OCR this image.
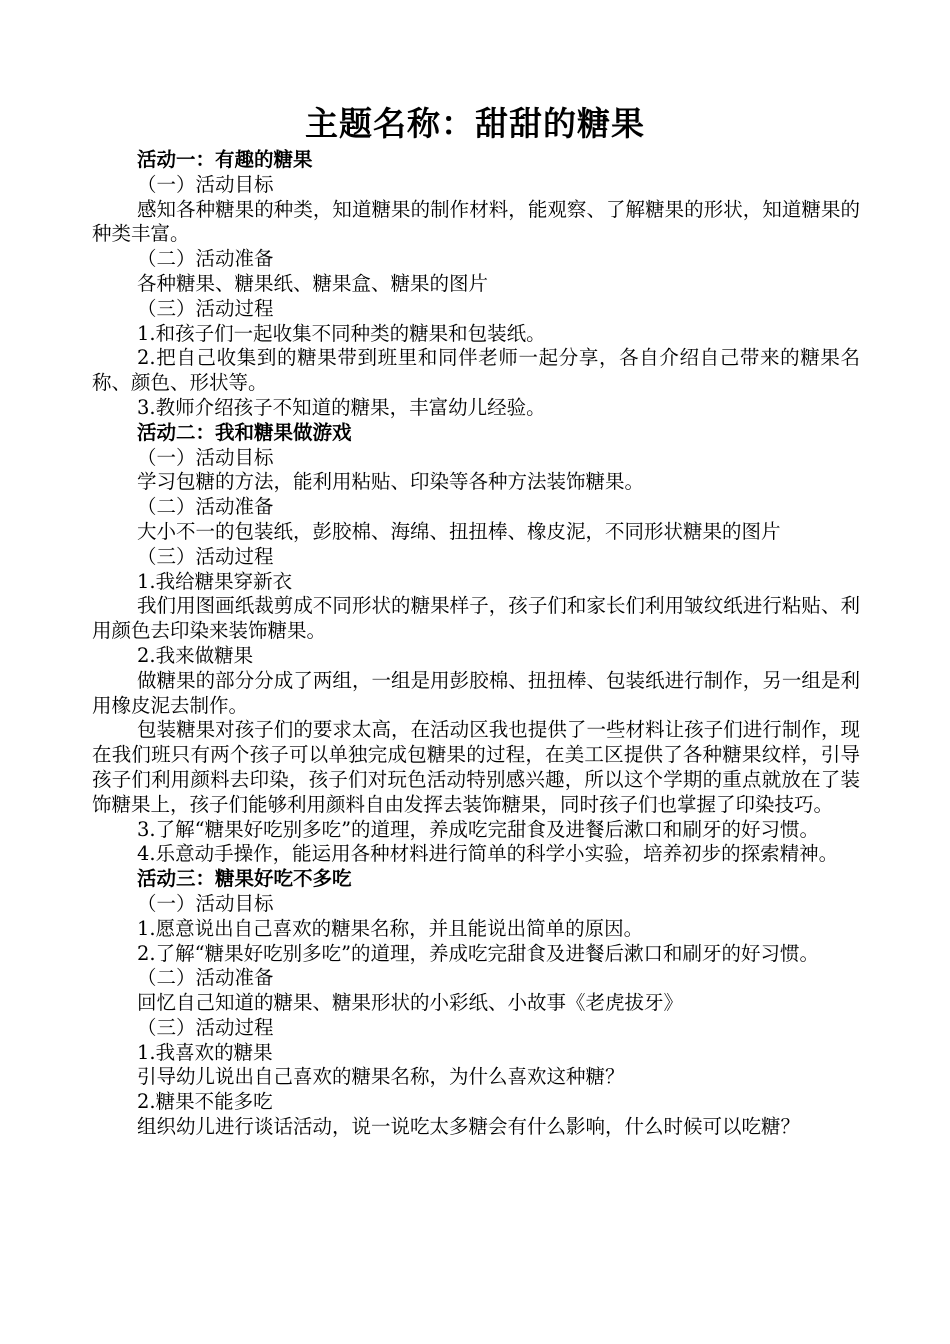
主题名称：甜甜的糖果

活动一：有趣的糖果

（一）活动目标

感知各种糖果的种类，知道糖果的制作材料，能观察、了解糖果的形状，知道糖果的种类丰富。

（二）活动准备

各种糖果、糖果纸、糖果盒、糖果的图片

（三）活动过程

1.和孩子们一起收集不同种类的糖果和包装纸。

2.把自己收集到的糖果带到班里和同伴老师一起分享，各自介绍自己带来的糖果名称、颜色、形状等。

3.教师介绍孩子不知道的糖果，丰富幼儿经验。

活动二：我和糖果做游戏

（一）活动目标

学习包糖的方法，能利用粘贴、印染等各种方法装饰糖果。

（二）活动准备

大小不一的包装纸，彭胶棉、海绵、扭扭棒、橡皮泥，不同形状糖果的图片

（三）活动过程

1.我给糖果穿新衣

我们用图画纸裁剪成不同形状的糖果样子，孩子们和家长们利用皱纹纸进行粘贴、利用颜色去印染来装饰糖果。

2.我来做糖果

做糖果的部分分成了两组，一组是用彭胶棉、扭扭棒、包装纸进行制作，另一组是利用橡皮泥去制作。

包装糖果对孩子们的要求太高，在活动区我也提供了一些材料让孩子们进行制作，现在我们班只有两个孩子可以单独完成包糖果的过程，在美工区提供了各种糖果纹样，引导孩子们利用颜料去印染，孩子们对玩色活动特别感兴趣，所以这个学期的重点就放在了装饰糖果上，孩子们能够利用颜料自由发挥去装饰糖果，同时孩子们也掌握了印染技巧。

3.了解“糖果好吃别多吃”的道理，养成吃完甜食及进餐后漱口和刷牙的好习惯。

4.乐意动手操作，能运用各种材料进行简单的科学小实验，培养初步的探索精神。

活动三：糖果好吃不多吃

（一）活动目标

1.愿意说出自己喜欢的糖果名称，并且能说出简单的原因。

2.了解“糖果好吃别多吃”的道理，养成吃完甜食及进餐后漱口和刷牙的好习惯。

（二）活动准备

回忆自己知道的糖果、糖果形状的小彩纸、小故事《老虎拔牙》

（三）活动过程

1.我喜欢的糖果

引导幼儿说出自己喜欢的糖果名称，为什么喜欢这种糖？

2.糖果不能多吃

组织幼儿进行谈话活动，说一说吃太多糖会有什么影响，什么时候可以吃糖？
